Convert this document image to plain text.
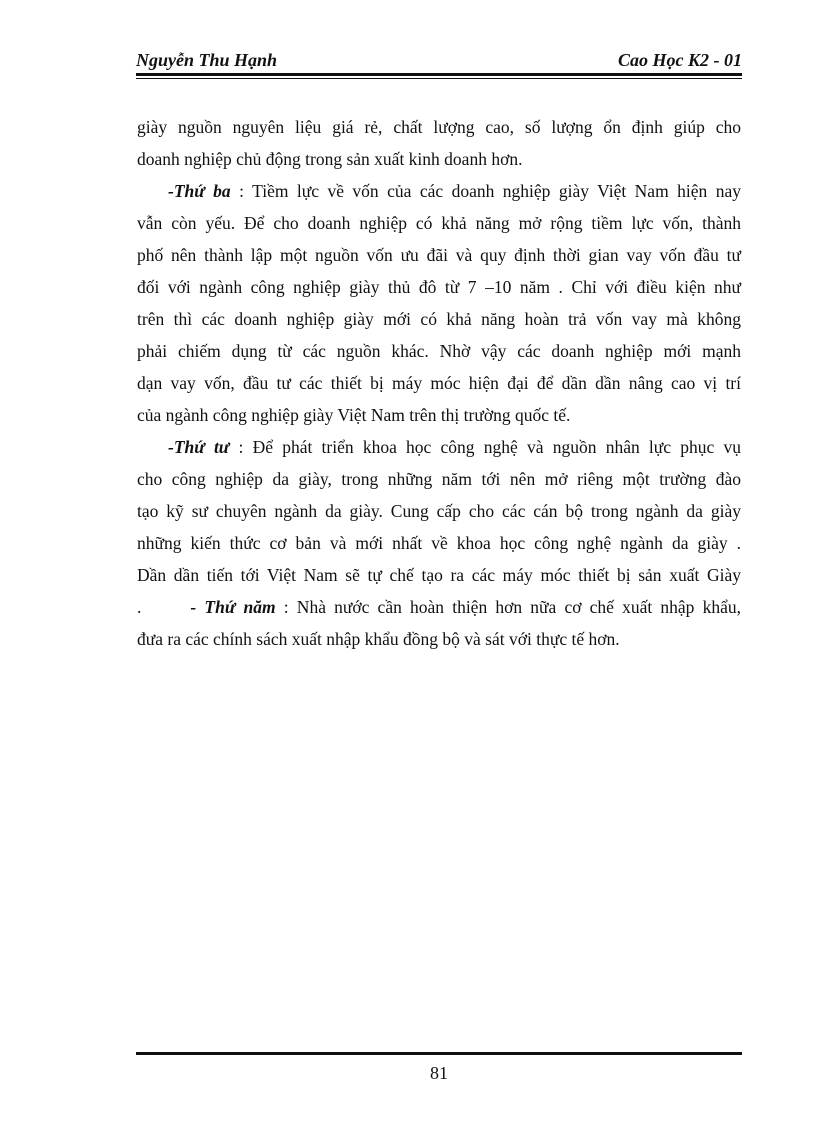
Nguyễn Thu Hạnh	Cao Học K2 - 01
giày nguồn nguyên liệu giá rẻ, chất lượng cao, số lượng ổn định giúp cho
doanh nghiệp chủ động trong sản xuất kinh doanh hơn.
-Thứ ba : Tiềm lực về vốn của các doanh nghiệp giày Việt Nam hiện nay
vẫn còn yếu. Để cho doanh nghiệp có khả năng mở rộng tiềm lực vốn, thành
phố nên thành lập một nguồn vốn ưu đãi và quy định thời gian vay vốn đầu tư
đối với ngành công nghiệp giày thủ đô từ 7 –10 năm . Chỉ với điều kiện như
trên thì các doanh nghiệp giày mới có khả năng hoàn trả vốn vay mà không
phải chiếm dụng từ các nguồn khác. Nhờ vậy các doanh nghiệp mới mạnh
dạn vay vốn, đầu tư các thiết bị máy móc hiện đại để dần dần nâng cao vị trí
của ngành công nghiệp giày Việt Nam trên thị trường quốc tế.
-Thứ tư : Để phát triển khoa học công nghệ và nguồn nhân lực phục vụ
cho công nghiệp da giày, trong những năm tới nên mở riêng một trường đào
tạo kỹ sư chuyên ngành da giày. Cung cấp cho các cán bộ trong ngành da giày
những kiến thức cơ bản và mới nhất về khoa học công nghệ ngành da giày .
Dần dần tiến tới Việt Nam sẽ tự chế tạo ra các máy móc thiết bị sản xuất Giày
.      - Thứ năm : Nhà nước cần hoàn thiện hơn nữa cơ chế xuất nhập khẩu,
đưa ra các chính sách xuất nhập khẩu đồng bộ và sát với thực tế hơn.
81
